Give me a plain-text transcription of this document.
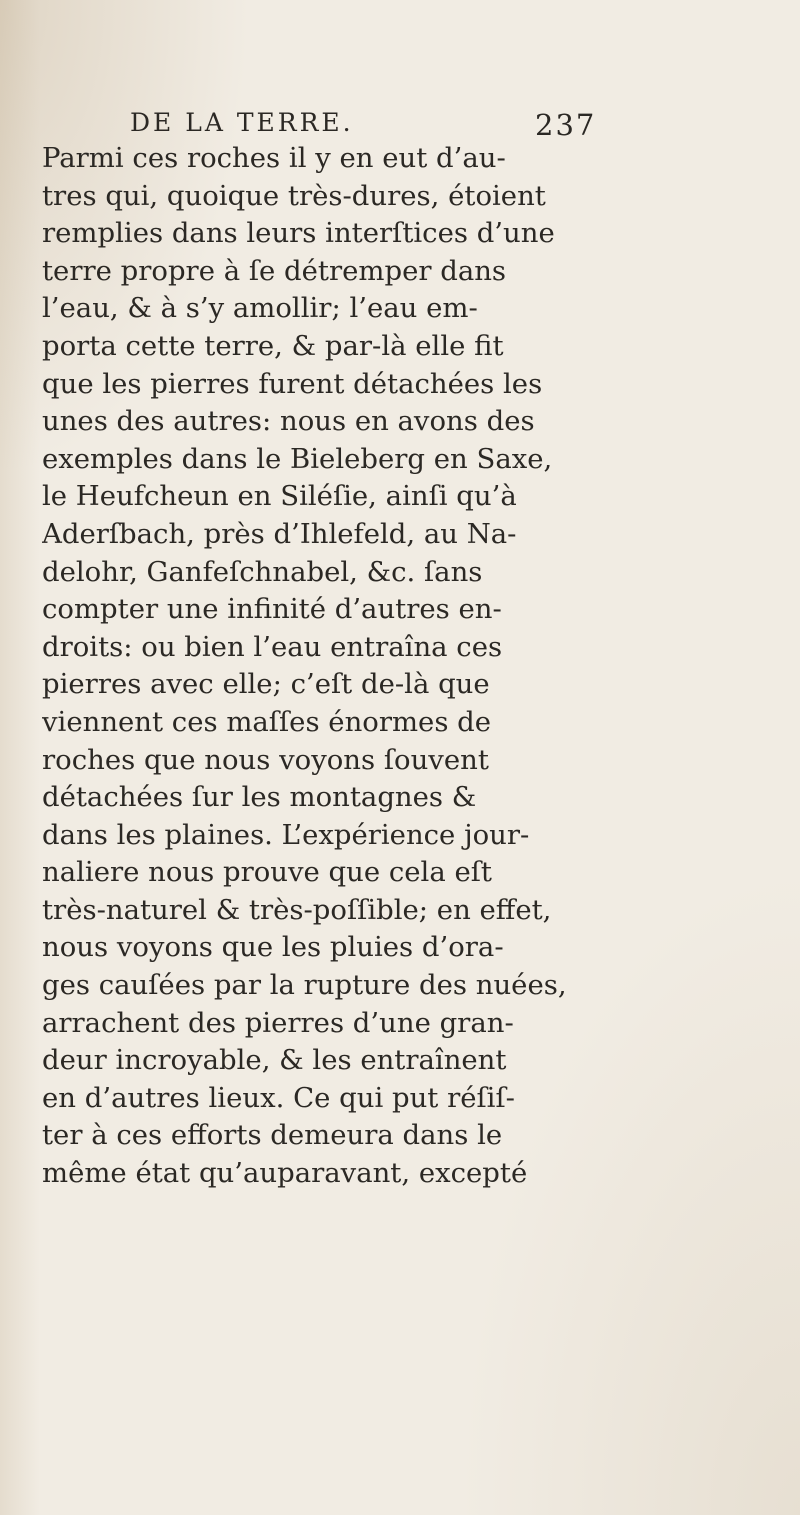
DE LA TERRE.	237
Parmi ces roches il y en eut d’au-
tres qui, quoique très-dures, étoient
remplies dans leurs interſtices d’une
terre propre à ſe détremper dans
l’eau, & à s’y amollir; l’eau em-
porta cette terre, & par-là elle fit
que les pierres furent détachées les
unes des autres: nous en avons des
exemples dans le Bieleberg en Saxe,
le Heufcheun en Siléſie, ainſi qu’à
Aderſbach, près d’Ihlefeld, au Na-
delohr, Ganfeſchnabel, &c. ſans
compter une infinité d’autres en-
droits: ou bien l’eau entraîna ces
pierres avec elle; c’eſt de-là que
viennent ces maſſes énormes de
roches que nous voyons ſouvent
détachées ſur les montagnes &
dans les plaines. L’expérience jour-
naliere nous prouve que cela eſt
très-naturel & très-poſſible; en effet,
nous voyons que les pluies d’ora-
ges cauſées par la rupture des nuées,
arrachent des pierres d’une gran-
deur incroyable, & les entraînent
en d’autres lieux. Ce qui put réſiſ-
ter à ces efforts demeura dans le
même état qu’auparavant, excepté
